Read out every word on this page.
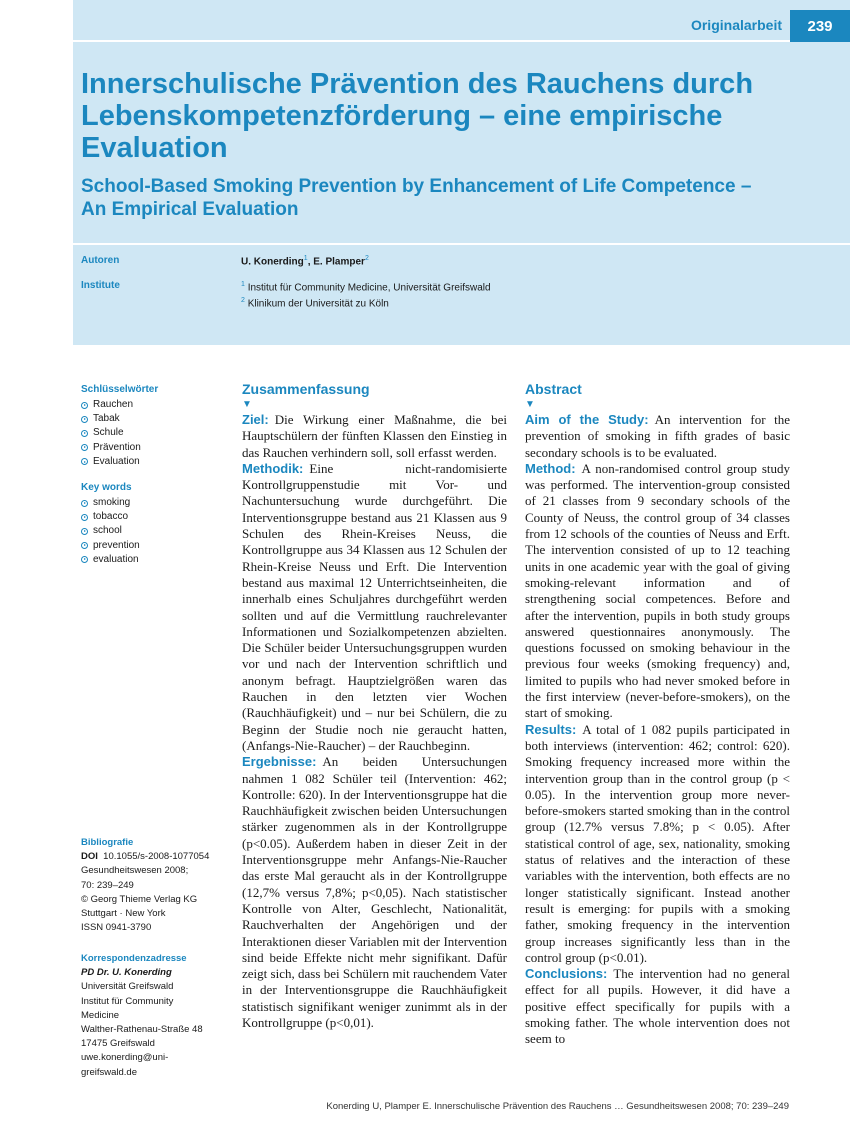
Originalarbeit	239
Innerschulische Prävention des Rauchens durch Lebenskompetenzförderung – eine empirische Evaluation
School-Based Smoking Prevention by Enhancement of Life Competence – An Empirical Evaluation
Autoren	U. Konerding$^1$, E. Plamper$^2$
Institute	$^1$ Institut für Community Medicine, Universität Greifswald
$^2$ Klinikum der Universität zu Köln
Schlüsselwörter
Rauchen
Tabak
Schule
Prävention
Evaluation
Key words
smoking
tobacco
school
prevention
evaluation

Bibliografie

DOI 10.1055/s-2008-1077054

Gesundheitswesen 2008;

70: 239–249

© Georg Thieme Verlag KG

Stuttgart · New York

ISSN 0941-3790

Korrespondenzadresse

PD Dr. U. Konerding

Universität Greifswald

Institut für Community

Medicine

Walther-Rathenau-Straße 48

17475 Greifswald

uwe.konerding@uni-

greifswald.de

Zusammenfassung
▼

Ziel: Die Wirkung einer Maßnahme, die bei Hauptschülern der fünften Klassen den Einstieg in das Rauchen verhindern soll, soll erfasst werden.

Methodik: Eine nicht-randomisierte Kontrollgruppenstudie mit Vor- und Nachuntersuchung wurde durchgeführt. Die Interventionsgruppe bestand aus 21 Klassen aus 9 Schulen des Rhein-Kreises Neuss, die Kontrollgruppe aus 34 Klassen aus 12 Schulen der Rhein-Kreise Neuss und Erft. Die Intervention bestand aus maximal 12 Unterrichtseinheiten, die innerhalb eines Schuljahres durchgeführt werden sollten und auf die Vermittlung rauchrelevanter Informationen und Sozialkompetenzen abzielten. Die Schüler beider Untersuchungsgruppen wurden vor und nach der Intervention schriftlich und anonym befragt. Hauptzielgrößen waren das Rauchen in den letzten vier Wochen (Rauchhäufigkeit) und – nur bei Schülern, die zu Beginn der Studie noch nie geraucht hatten, (Anfangs-Nie-Raucher) – der Rauchbeginn.

Ergebnisse: An beiden Untersuchungen nahmen 1 082 Schüler teil (Intervention: 462; Kontrolle: 620). In der Interventionsgruppe hat die Rauchhäufigkeit zwischen beiden Untersuchungen stärker zugenommen als in der Kontrollgruppe (p<0.05). Außerdem haben in dieser Zeit in der Interventionsgruppe mehr Anfangs-Nie-Raucher das erste Mal geraucht als in der Kontrollgruppe (12,7% versus 7,8%; p<0,05). Nach statistischer Kontrolle von Alter, Geschlecht, Nationalität, Rauchverhalten der Angehörigen und der Interaktionen dieser Variablen mit der Intervention sind beide Effekte nicht mehr signifikant. Dafür zeigt sich, dass bei Schülern mit rauchendem Vater in der Interventionsgruppe die Rauchhäufigkeit statistisch signifikant weniger zunimmt als in der Kontrollgruppe (p<0,01).

Abstract
▼

Aim of the Study: An intervention for the prevention of smoking in fifth grades of basic secondary schools is to be evaluated.

Method: A non-randomised control group study was performed. The intervention-group consisted of 21 classes from 9 secondary schools of the County of Neuss, the control group of 34 classes from 12 schools of the counties of Neuss and Erft. The intervention consisted of up to 12 teaching units in one academic year with the goal of giving smoking-relevant information and of strengthening social competences. Before and after the intervention, pupils in both study groups answered questionnaires anonymously. The questions focussed on smoking behaviour in the previous four weeks (smoking frequency) and, limited to pupils who had never smoked before in the first interview (never-before-smokers), on the start of smoking.

Results: A total of 1 082 pupils participated in both interviews (intervention: 462; control: 620). Smoking frequency increased more within the intervention group than in the control group (p < 0.05). In the intervention group more never-before-smokers started smoking than in the control group (12.7% versus 7.8%; p < 0.05). After statistical control of age, sex, nationality, smoking status of relatives and the interaction of these variables with the intervention, both effects are no longer statistically significant. Instead another result is emerging: for pupils with a smoking father, smoking frequency in the intervention group increases significantly less than in the control group (p<0.01).

Conclusions: The intervention had no general effect for all pupils. However, it did have a positive effect specifically for pupils with a smoking father. The whole intervention does not seem to

Konerding U, Plamper E. Innerschulische Prävention des Rauchens … Gesundheitswesen 2008; 70: 239–249
